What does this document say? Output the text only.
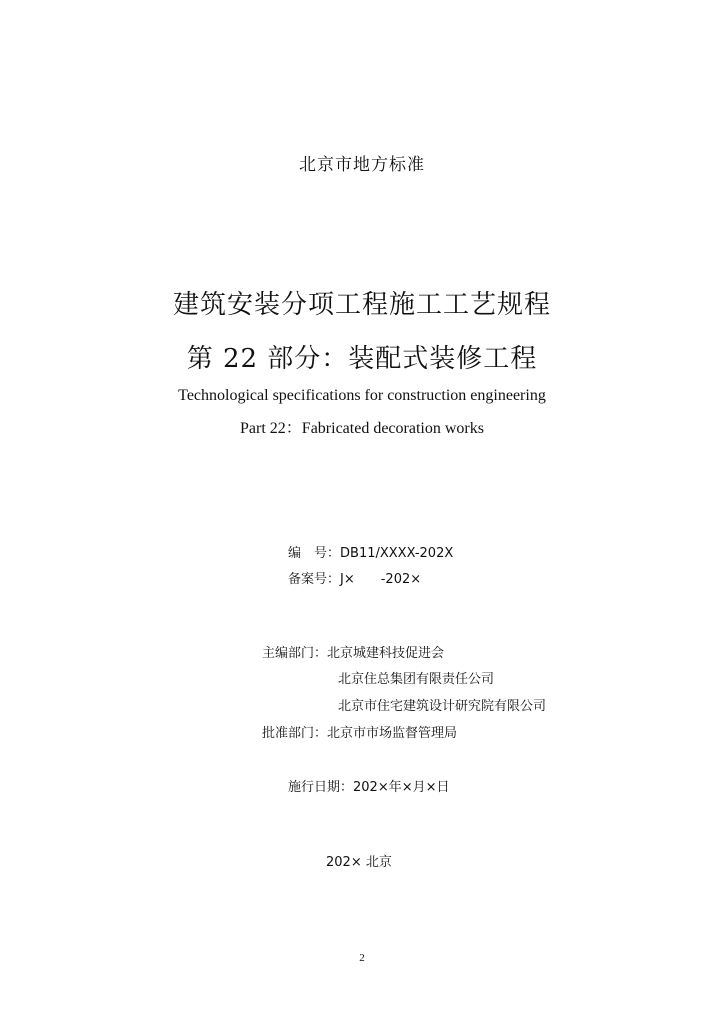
北京市地方标准
建筑安装分项工程施工工艺规程
第 22 部分：装配式装修工程
Technological specifications for construction engineering
Part 22：Fabricated decoration works
编　号：DB11/XXXX-202X
备案号：J×　　-202×
主编部门：北京城建科技促进会
北京住总集团有限责任公司
北京市住宅建筑设计研究院有限公司
批准部门：北京市市场监督管理局
施行日期：202×年×月×日
202× 北京
2
